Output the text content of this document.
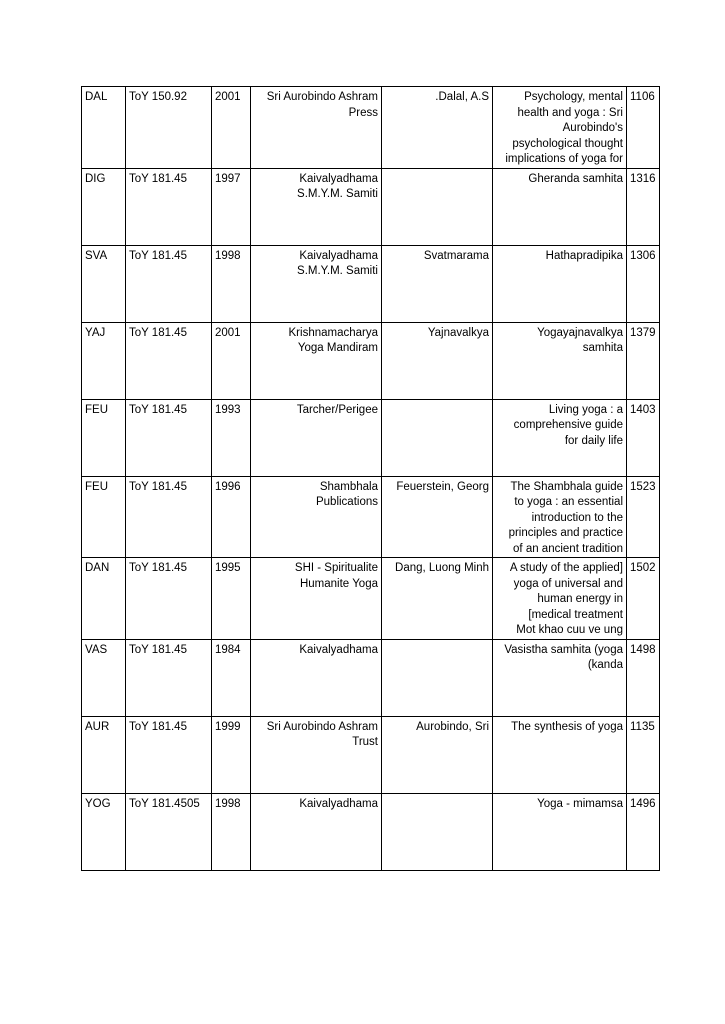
DAL	ToY 150.92	2001	Sri Aurobindo Ashram
Press	.Dalal, A.S	Psychology, mental
health and yoga : Sri
Aurobindo's
psychological thought
implications of yoga for	1106
DIG	ToY 181.45	1997	Kaivalyadhama
S.M.Y.M. Samiti		Gheranda samhita	1316
SVA	ToY 181.45	1998	Kaivalyadhama
S.M.Y.M. Samiti	Svatmarama	Hathapradipika	1306
YAJ	ToY 181.45	2001	Krishnamacharya
Yoga Mandiram	Yajnavalkya	Yogayajnavalkya
samhita	1379
FEU	ToY 181.45	1993	Tarcher/Perigee		Living yoga : a
comprehensive guide
for daily life	1403
FEU	ToY 181.45	1996	Shambhala
Publications	Feuerstein, Georg	The Shambhala guide
to yoga : an essential
introduction to the
principles and practice
of an ancient tradition	1523
DAN	ToY 181.45	1995	SHI - Spiritualite
Humanite Yoga	Dang, Luong Minh	A study of the applied]
yoga of universal and
human energy in
[medical treatment
Mot khao cuu ve ung	1502
VAS	ToY 181.45	1984	Kaivalyadhama		Vasistha samhita (yoga
(kanda	1498
AUR	ToY 181.45	1999	Sri Aurobindo Ashram
Trust	Aurobindo, Sri	The synthesis of yoga	1135
YOG	ToY 181.4505	1998	Kaivalyadhama		Yoga - mimamsa	1496
